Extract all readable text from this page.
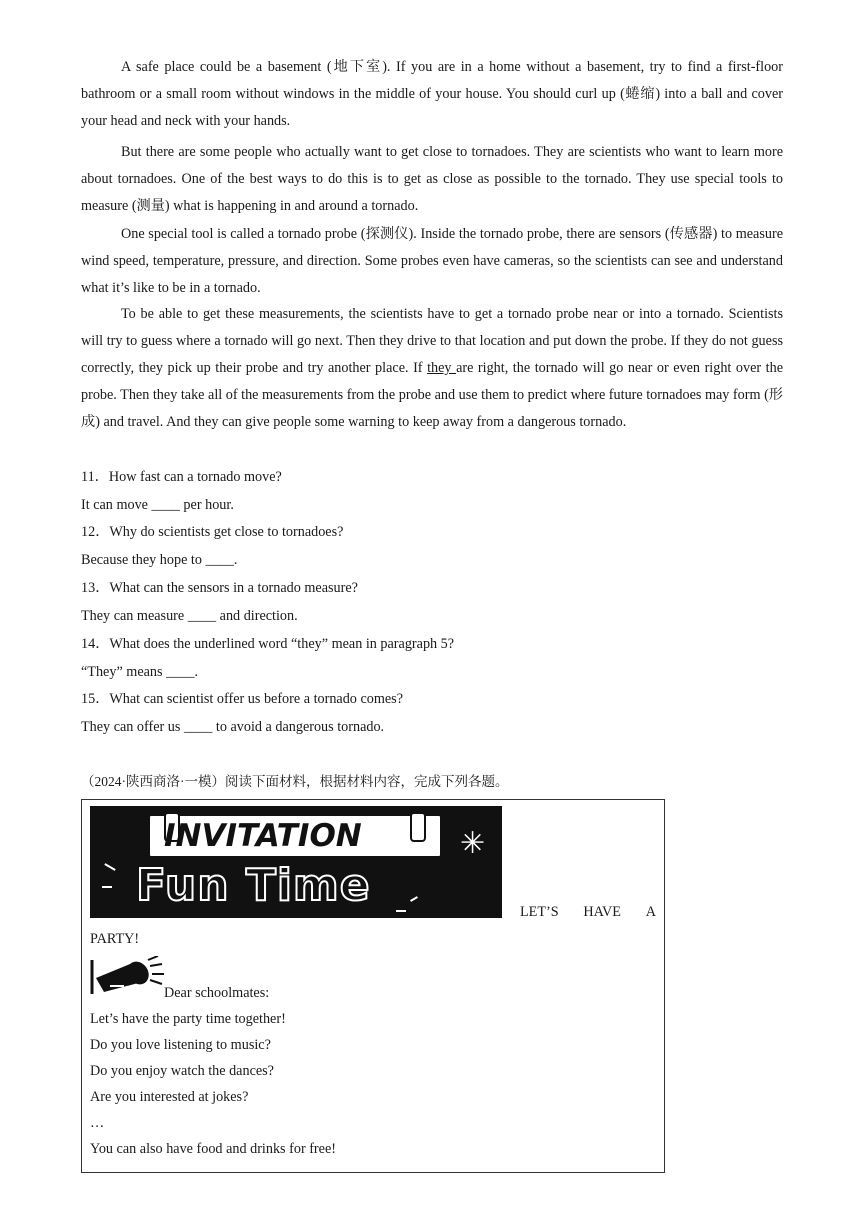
A safe place could be a basement (地下室). If you are in a home without a basement, try to find a first-floor bathroom or a small room without windows in the middle of your house. You should curl up (蜷缩) into a ball and cover your head and neck with your hands.
But there are some people who actually want to get close to tornadoes. They are scientists who want to learn more about tornadoes. One of the best ways to do this is to get as close as possible to the tornado. They use special tools to measure (测量) what is happening in and around a tornado.
One special tool is called a tornado probe (探测仪). Inside the tornado probe, there are sensors (传感器) to measure wind speed, temperature, pressure, and direction. Some probes even have cameras, so the scientists can see and understand what it’s like to be in a tornado.
To be able to get these measurements, the scientists have to get a tornado probe near or into a tornado. Scientists will try to guess where a tornado will go next. Then they drive to that location and put down the probe. If they do not guess correctly, they pick up their probe and try another place. If they are right, the tornado will go near or even right over the probe. Then they take all of the measurements from the probe and use them to predict where future tornadoes may form (形成) and travel. And they can give people some warning to keep away from a dangerous tornado.
11．How fast can a tornado move?
It can move ____ per hour.
12．Why do scientists get close to tornadoes?
Because they hope to ____.
13．What can the sensors in a tornado measure?
They can measure ____ and direction.
14．What does the underlined word “they” mean in paragraph 5?
“They” means ____.
15．What can scientist offer us before a tornado comes?
They can offer us ____ to avoid a dangerous tornado.
（2024·陕西商洛·一模）阅读下面材料，根据材料内容，完成下列各题。
INVITATION
Fun Time
✳
LET’S HAVE A
PARTY!
Dear schoolmates:
Let’s have the party time together!
Do you love listening to music?
Do you enjoy watch the dances?
Are you interested at jokes?
…
You can also have food and drinks for free!
